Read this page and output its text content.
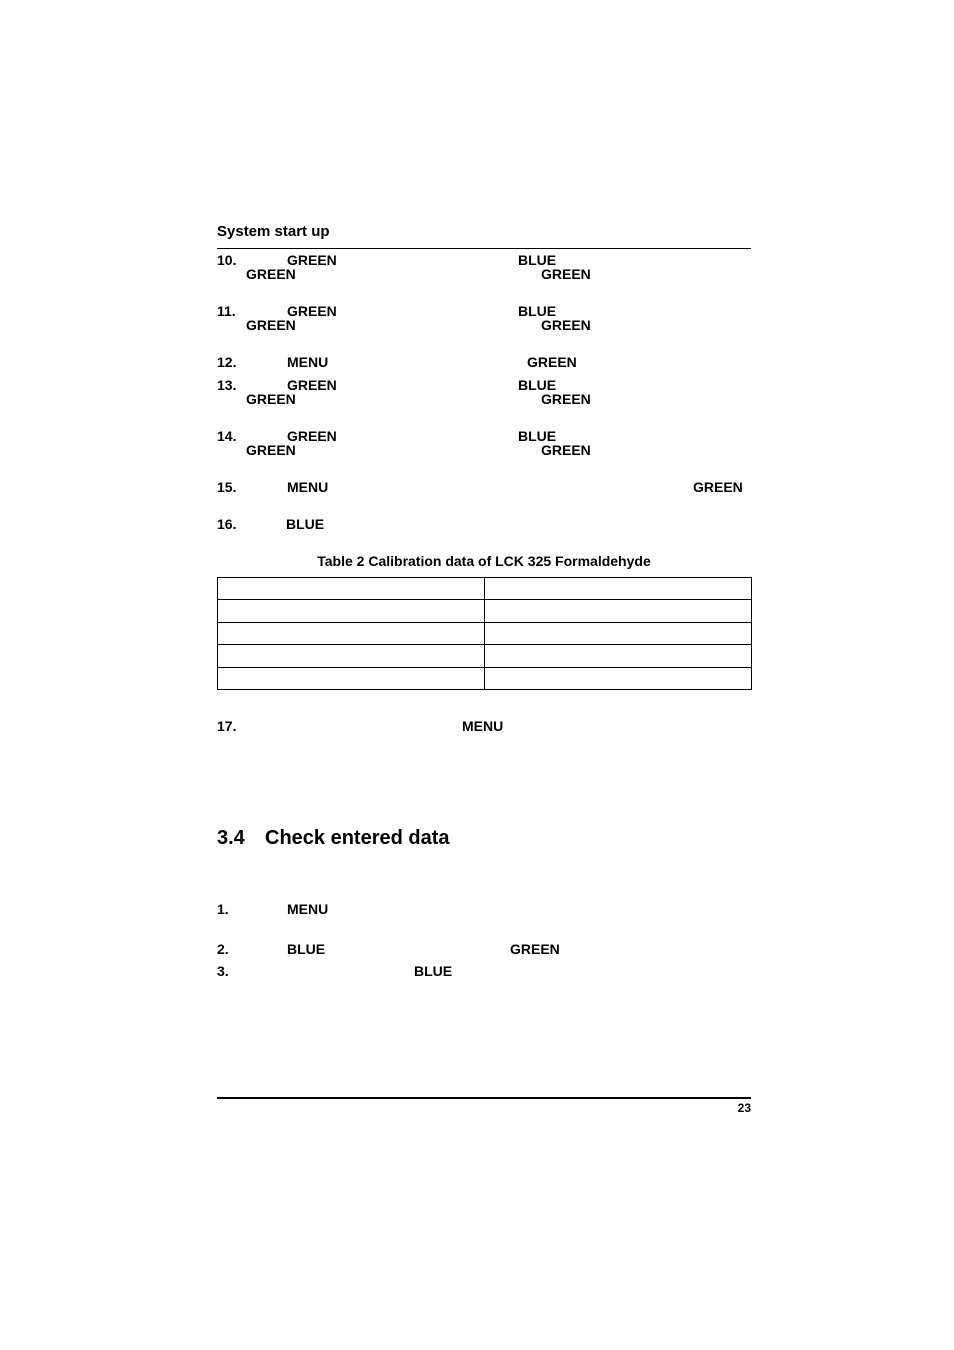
System start up
10.	GREEN	BLUE
GREEN	GREEN
11.	GREEN	BLUE
GREEN	GREEN
12.	MENU	GREEN
13.	GREEN	BLUE
GREEN	GREEN
14.	GREEN	BLUE
GREEN	GREEN
15.	MENU	GREEN
16.	BLUE
Table 2 Calibration data of LCK 325 Formaldehyde

17.	MENU
3.4 Check entered data
1.	MENU
2.	BLUE	GREEN
3.	BLUE
23
